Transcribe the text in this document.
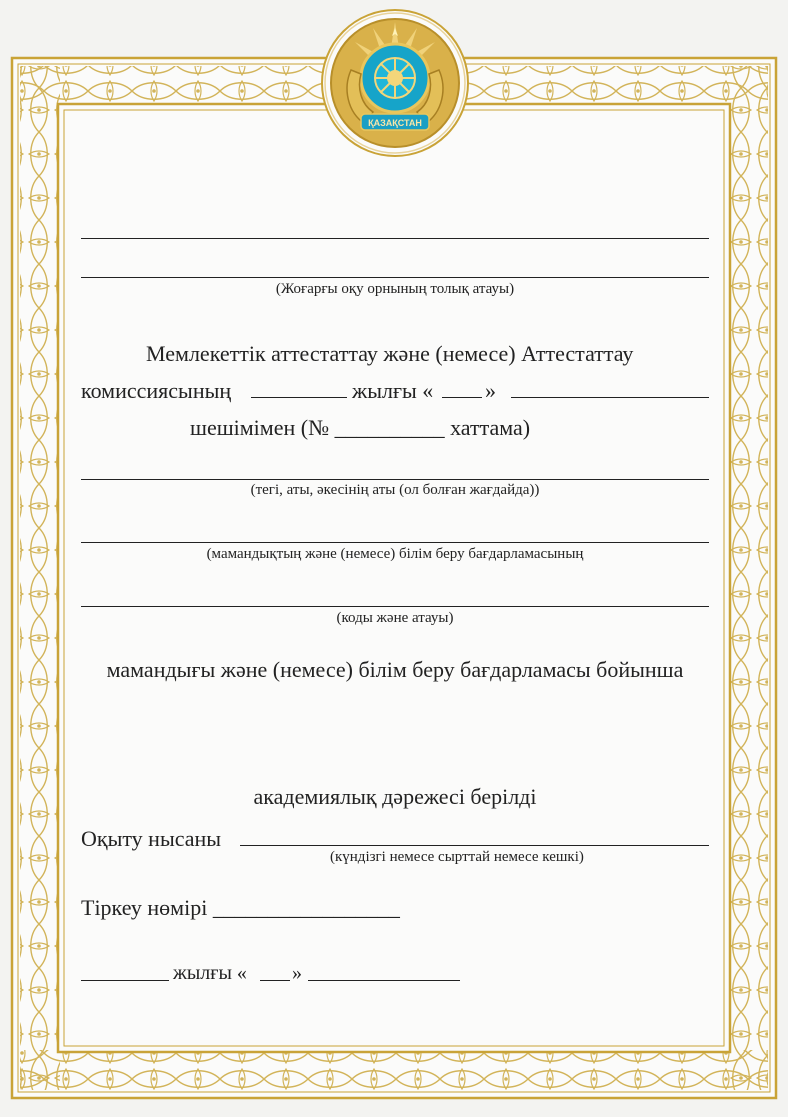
ҚАЗАҚСТАН
(Жоғарғы оқу орнының толық атауы)
Мемлекеттік аттестаттау және (немесе) Аттестаттау
комиссиясының	жылғы « »
шешімімен (№ __________ хаттама)
(тегі, аты, әкесінің аты (ол болған жағдайда))
(мамандықтың және (немесе) білім беру бағдарламасының
(коды және атауы)
мамандығы және (немесе) білім беру бағдарламасы бойынша
академиялық дәрежесі берілді
Оқыту нысаны
(күндізгі немесе сырттай немесе кешкі)
Тіркеу нөмірі _________________
жылғы « »
